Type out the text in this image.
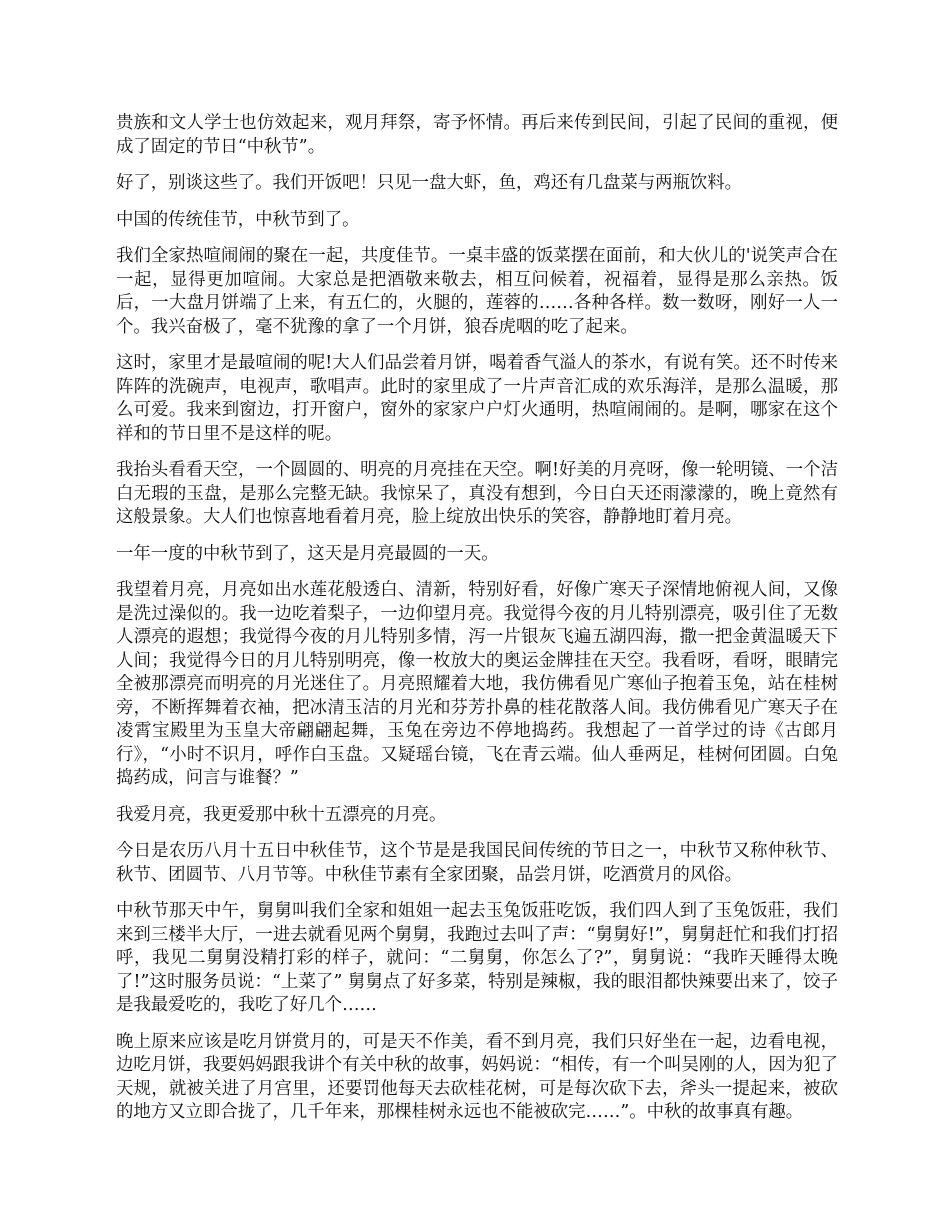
贵族和文人学士也仿效起来，观月拜祭，寄予怀情。再后来传到民间，引起了民间的重视，便成了固定的节日“中秋节”。

好了，别谈这些了。我们开饭吧！只见一盘大虾，鱼，鸡还有几盘菜与两瓶饮料。

中国的传统佳节，中秋节到了。

我们全家热喧闹闹的聚在一起，共度佳节。一桌丰盛的饭菜摆在面前，和大伙儿的'说笑声合在一起，显得更加喧闹。大家总是把酒敬来敬去，相互问候着，祝福着，显得是那么亲热。饭后，一大盘月饼端了上来，有五仁的，火腿的，莲蓉的……各种各样。数一数呀，刚好一人一个。我兴奋极了，毫不犹豫的拿了一个月饼，狼吞虎咽的吃了起来。

这时，家里才是最喧闹的呢!大人们品尝着月饼，喝着香气溢人的茶水，有说有笑。还不时传来阵阵的洗碗声，电视声，歌唱声。此时的家里成了一片声音汇成的欢乐海洋，是那么温暖，那么可爱。我来到窗边，打开窗户，窗外的家家户户灯火通明，热喧闹闹的。是啊，哪家在这个祥和的节日里不是这样的呢。

我抬头看看天空，一个圆圆的、明亮的月亮挂在天空。啊!好美的月亮呀，像一轮明镜、一个洁白无瑕的玉盘，是那么完整无缺。我惊呆了，真没有想到，今日白天还雨濛濛的，晚上竟然有这般景象。大人们也惊喜地看着月亮，脸上绽放出快乐的笑容，静静地盯着月亮。

一年一度的中秋节到了，这天是月亮最圆的一天。

我望着月亮，月亮如出水莲花般透白、清新，特别好看，好像广寒天子深情地俯视人间，又像是洗过澡似的。我一边吃着梨子，一边仰望月亮。我觉得今夜的月儿特别漂亮，吸引住了无数人漂亮的遐想；我觉得今夜的月儿特别多情，泻一片银灰飞遍五湖四海，撒一把金黄温暖天下人间；我觉得今日的月儿特别明亮，像一枚放大的奥运金牌挂在天空。我看呀，看呀，眼睛完全被那漂亮而明亮的月光迷住了。月亮照耀着大地，我仿佛看见广寒仙子抱着玉兔，站在桂树旁，不断挥舞着衣袖，把冰清玉洁的月光和芬芳扑鼻的桂花散落人间。我仿佛看见广寒天子在凌霄宝殿里为玉皇大帝翩翩起舞，玉兔在旁边不停地捣药。我想起了一首学过的诗《古郎月行》，“小时不识月，呼作白玉盘。又疑瑶台镜，飞在青云端。仙人垂两足，桂树何团圆。白兔捣药成，问言与谁餐？”

我爱月亮，我更爱那中秋十五漂亮的月亮。

今日是农历八月十五日中秋佳节，这个节是是我国民间传统的节日之一，中秋节又称仲秋节、秋节、团圆节、八月节等。中秋佳节素有全家团聚，品尝月饼，吃酒赏月的风俗。

中秋节那天中午，舅舅叫我们全家和姐姐一起去玉兔饭莊吃饭，我们四人到了玉兔饭莊，我们来到三楼半大厅，一进去就看见两个舅舅，我跑过去叫了声：“舅舅好!”，舅舅赶忙和我们打招呼，我见二舅舅没精打彩的样子，就问：“二舅舅，你怎么了?”，舅舅说：“我昨天睡得太晚了!”这时服务员说：“上菜了” 舅舅点了好多菜，特别是辣椒，我的眼泪都快辣要出来了，饺子是我最爱吃的，我吃了好几个……

晚上原来应该是吃月饼赏月的，可是天不作美，看不到月亮，我们只好坐在一起，边看电视，边吃月饼，我要妈妈跟我讲个有关中秋的故事，妈妈说：“相传，有一个叫吴刚的人，因为犯了天规，就被关进了月宫里，还要罚他每天去砍桂花树，可是每次砍下去，斧头一提起来，被砍的地方又立即合拢了，几千年来，那棵桂树永远也不能被砍完……”。中秋的故事真有趣。
